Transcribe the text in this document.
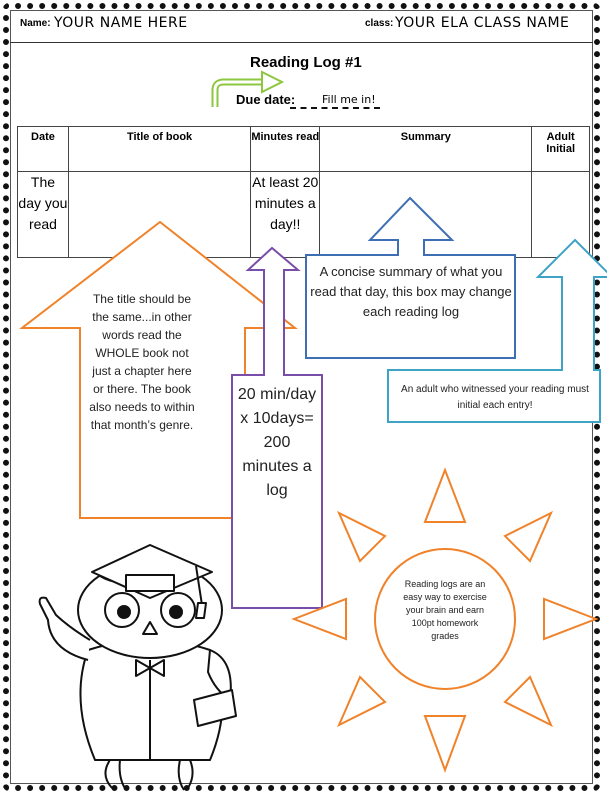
Name: YOUR NAME HERE	class: YOUR ELA CLASS NAME
Reading Log #1
Due date: Fill me in!
Date	Title of book	Minutes read	Summary	Adult Initial

The day you read		At least 20 minutes a day!!		

The title should be the same...in other words read the WHOLE book not just a chapter here or there. The book also needs to within that month’s genre.
20 min/day x 10days= 200 minutes a log
A concise summary of what you read that day, this box may change each reading log
An adult who witnessed your reading must initial each entry!
Reading logs are an easy way to exercise your brain and earn 100pt homework grades
